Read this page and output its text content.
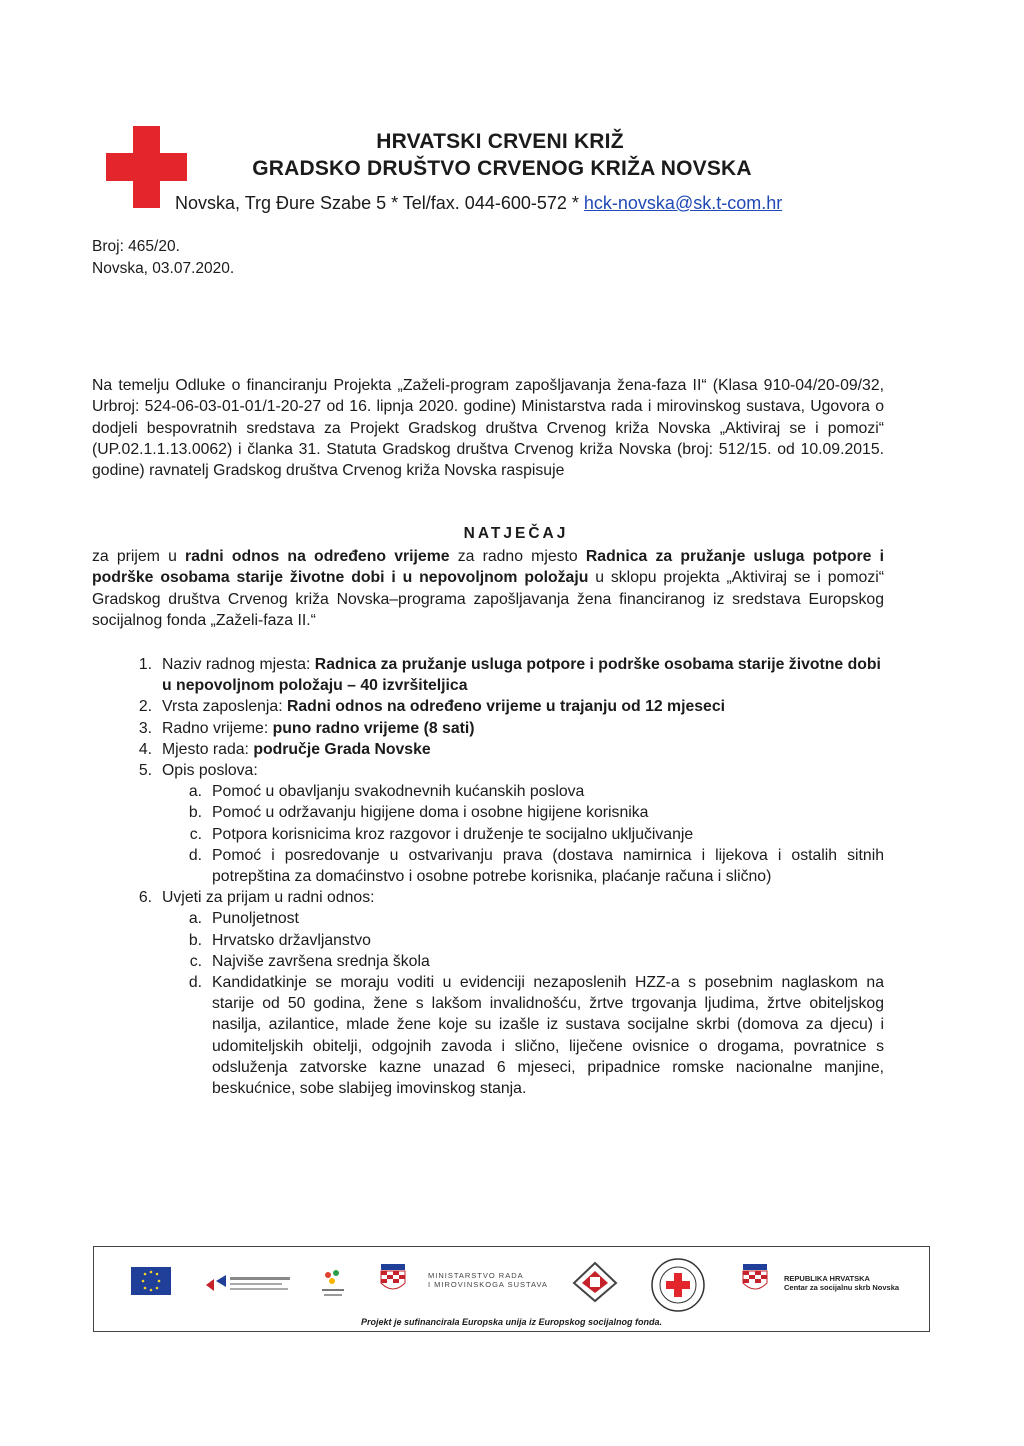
HRVATSKI CRVENI KRIŽ
GRADSKO DRUŠTVO CRVENOG KRIŽA NOVSKA
Novska, Trg Đure Szabe 5 * Tel/fax. 044-600-572 * hck-novska@sk.t-com.hr
Broj: 465/20.
Novska, 03.07.2020.
Na temelju Odluke o financiranju Projekta „Zaželi-program zapošljavanja žena-faza II“ (Klasa 910-04/20-09/32, Urbroj: 524-06-03-01-01/1-20-27 od 16. lipnja 2020. godine) Ministarstva rada i mirovinskog sustava, Ugovora o dodjeli bespovratnih sredstava za Projekt Gradskog društva Crvenog križa Novska „Aktiviraj se i pomozi“ (UP.02.1.1.13.0062) i članka 31. Statuta Gradskog društva Crvenog križa Novska (broj: 512/15. od 10.09.2015. godine) ravnatelj Gradskog društva Crvenog križa Novska raspisuje
NATJEČAJ
za prijem u radni odnos na određeno vrijeme za radno mjesto Radnica za pružanje usluga potpore i podrške osobama starije životne dobi i u nepovoljnom položaju u sklopu projekta „Aktiviraj se i pomozi“ Gradskog društva Crvenog križa Novska–programa zapošljavanja žena financiranog iz sredstava Europskog socijalnog fonda „Zaželi-faza II.“
1. Naziv radnog mjesta: Radnica za pružanje usluga potpore i podrške osobama starije životne dobi u nepovoljnom položaju – 40 izvršiteljica
2. Vrsta zaposlenja: Radni odnos na određeno vrijeme u trajanju od 12 mjeseci
3. Radno vrijeme: puno radno vrijeme (8 sati)
4. Mjesto rada: područje Grada Novske
5. Opis poslova:
a. Pomoć u obavljanju svakodnevnih kućanskih poslova
b. Pomoć u održavanju higijene doma i osobne higijene korisnika
c. Potpora korisnicima kroz razgovor i druženje te socijalno uključivanje
d. Pomoć i posredovanje u ostvarivanju prava (dostava namirnica i lijekova i ostalih sitnih potrepština za domaćinstvo i osobne potrebe korisnika, plaćanje računa i slično)
6. Uvjeti za prijam u radni odnos:
a. Punoljetnost
b. Hrvatsko državljanstvo
c. Najviše završena srednja škola
d. Kandidatkinje se moraju voditi u evidenciji nezaposlenih HZZ-a s posebnim naglaskom na starije od 50 godina, žene s lakšom invalidnošću, žrtve trgovanja ljudima, žrtve obiteljskog nasilja, azilantice, mlade žene koje su izašle iz sustava socijalne skrbi (domova za djecu) i udomiteljskih obitelji, odgojnih zavoda i slično, liječene ovisnice o drogama, povratnice s odsluženja zatvorske kazne unazad 6 mjeseci, pripadnice romske nacionalne manjine, beskućnice, sobe slabijeg imovinskog stanja.
MINISTARSTVO RADA
I MIROVINSKOGA SUSTAVA
REPUBLIKA HRVATSKA
Centar za socijalnu skrb Novska
Projekt je sufinancirala Europska unija iz Europskog socijalnog fonda.
